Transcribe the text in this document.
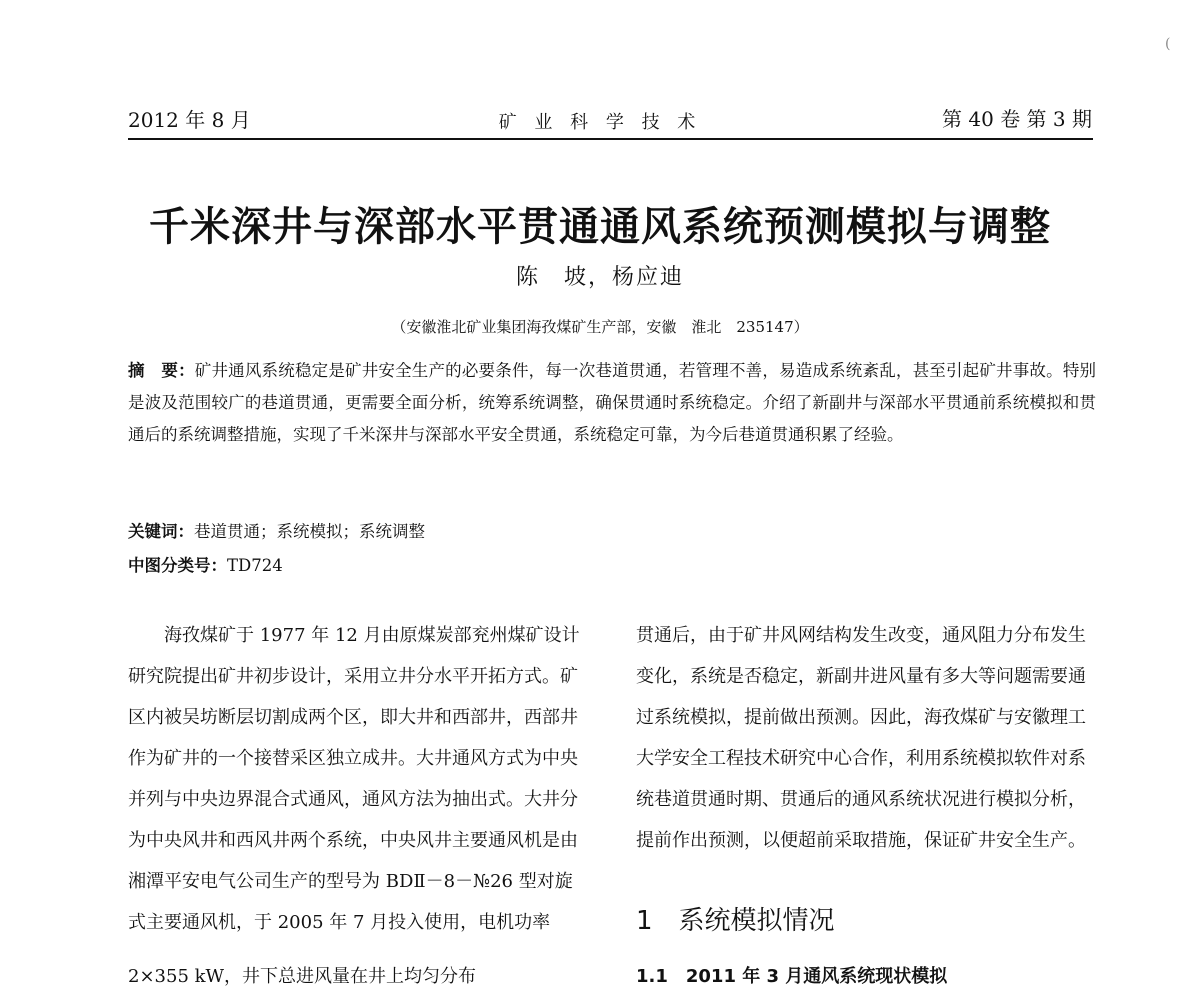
2012 年 8 月	矿 业 科 学 技 术	第 40 卷 第 3 期
(
千米深井与深部水平贯通通风系统预测模拟与调整
陈　坡，杨应迪
（安徽淮北矿业集团海孜煤矿生产部，安徽　淮北　235147）
摘　要：矿井通风系统稳定是矿井安全生产的必要条件，每一次巷道贯通，若管理不善，易造成系统紊乱，甚至引起矿井事故。特别是波及范围较广的巷道贯通，更需要全面分析，统筹系统调整，确保贯通时系统稳定。介绍了新副井与深部水平贯通前系统模拟和贯通后的系统调整措施，实现了千米深井与深部水平安全贯通，系统稳定可靠，为今后巷道贯通积累了经验。
关键词：巷道贯通；系统模拟；系统调整
中图分类号：TD724

海孜煤矿于 1977 年 12 月由原煤炭部兖州煤矿设计研究院提出矿井初步设计，采用立井分水平开拓方式。矿区内被吴坊断层切割成两个区，即大井和西部井，西部井作为矿井的一个接替采区独立成井。大井通风方式为中央并列与中央边界混合式通风，通风方法为抽出式。大井分为中央风井和西风井两个系统，中央风井主要通风机是由湘潭平安电气公司生产的型号为 BDⅡ－8－№26 型对旋式主要通风机，于 2005 年 7 月投入使用，电机功率

2×355 kW，井下总进风量在井上均匀分布

贯通后，由于矿井风网结构发生改变，通风阻力分布发生变化，系统是否稳定，新副井进风量有多大等问题需要通过系统模拟，提前做出预测。因此，海孜煤矿与安徽理工大学安全工程技术研究中心合作，利用系统模拟软件对系统巷道贯通时期、贯通后的通风系统状况进行模拟分析，提前作出预测，以便超前采取措施，保证矿井安全生产。

1　系统模拟情况
1.1　2011 年 3 月通风系统现状模拟
